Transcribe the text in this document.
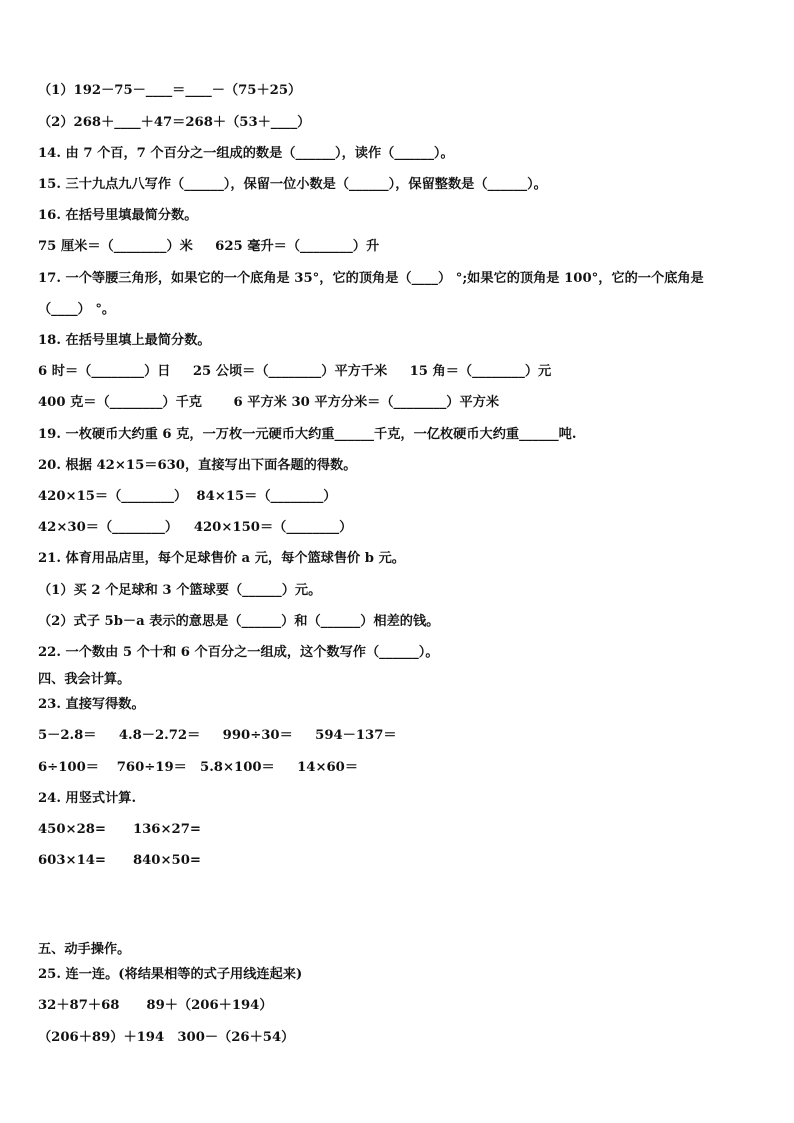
（1）192－75－____＝____－（75＋25）
（2）268＋____＋47＝268＋（53＋____）
14. 由 7 个百，7 个百分之一组成的数是（______），读作（______）。
15. 三十九点九八写作（______），保留一位小数是（______），保留整数是（______）。
16. 在括号里填最简分数。
75 厘米＝（________）米　  625 毫升＝（________）升
17. 一个等腰三角形，如果它的一个底角是 35°，它的顶角是（____） °;如果它的顶角是 100°，它的一个底角是
（____） °。
18. 在括号里填上最简分数。
6 时＝（________）日　  25 公顷＝（________）平方千米　  15 角＝（________）元
400 克＝（________）千克　    6 平方米 30 平方分米＝（________）平方米
19. 一枚硬币大约重 6 克，一万枚一元硬币大约重______千克，一亿枚硬币大约重______吨.
20. 根据 42×15＝630，直接写出下面各题的得数。
420×15＝（________）  84×15＝（________）
42×30＝（________）　  420×150＝（________）
21. 体育用品店里，每个足球售价 a 元，每个篮球售价 b 元。
（1）买 2 个足球和 3 个篮球要（______）元。
（2）式子 5b－a 表示的意思是（______）和（______）相差的钱。
22. 一个数由 5 个十和 6 个百分之一组成，这个数写作（______）。
四、我会计算。
23. 直接写得数。
5－2.8＝　  4.8－2.72＝　  990÷30＝　  594－137＝
6÷100＝　 760÷19＝　5.8×100＝　  14×60＝
24. 用竖式计算.
450×28=　   136×27=
603×14=　   840×50=
五、动手操作。
25. 连一连。(将结果相等的式子用线连起来)
32＋87＋68　   89＋（206＋194）
（206＋89）＋194　300－（26＋54）
